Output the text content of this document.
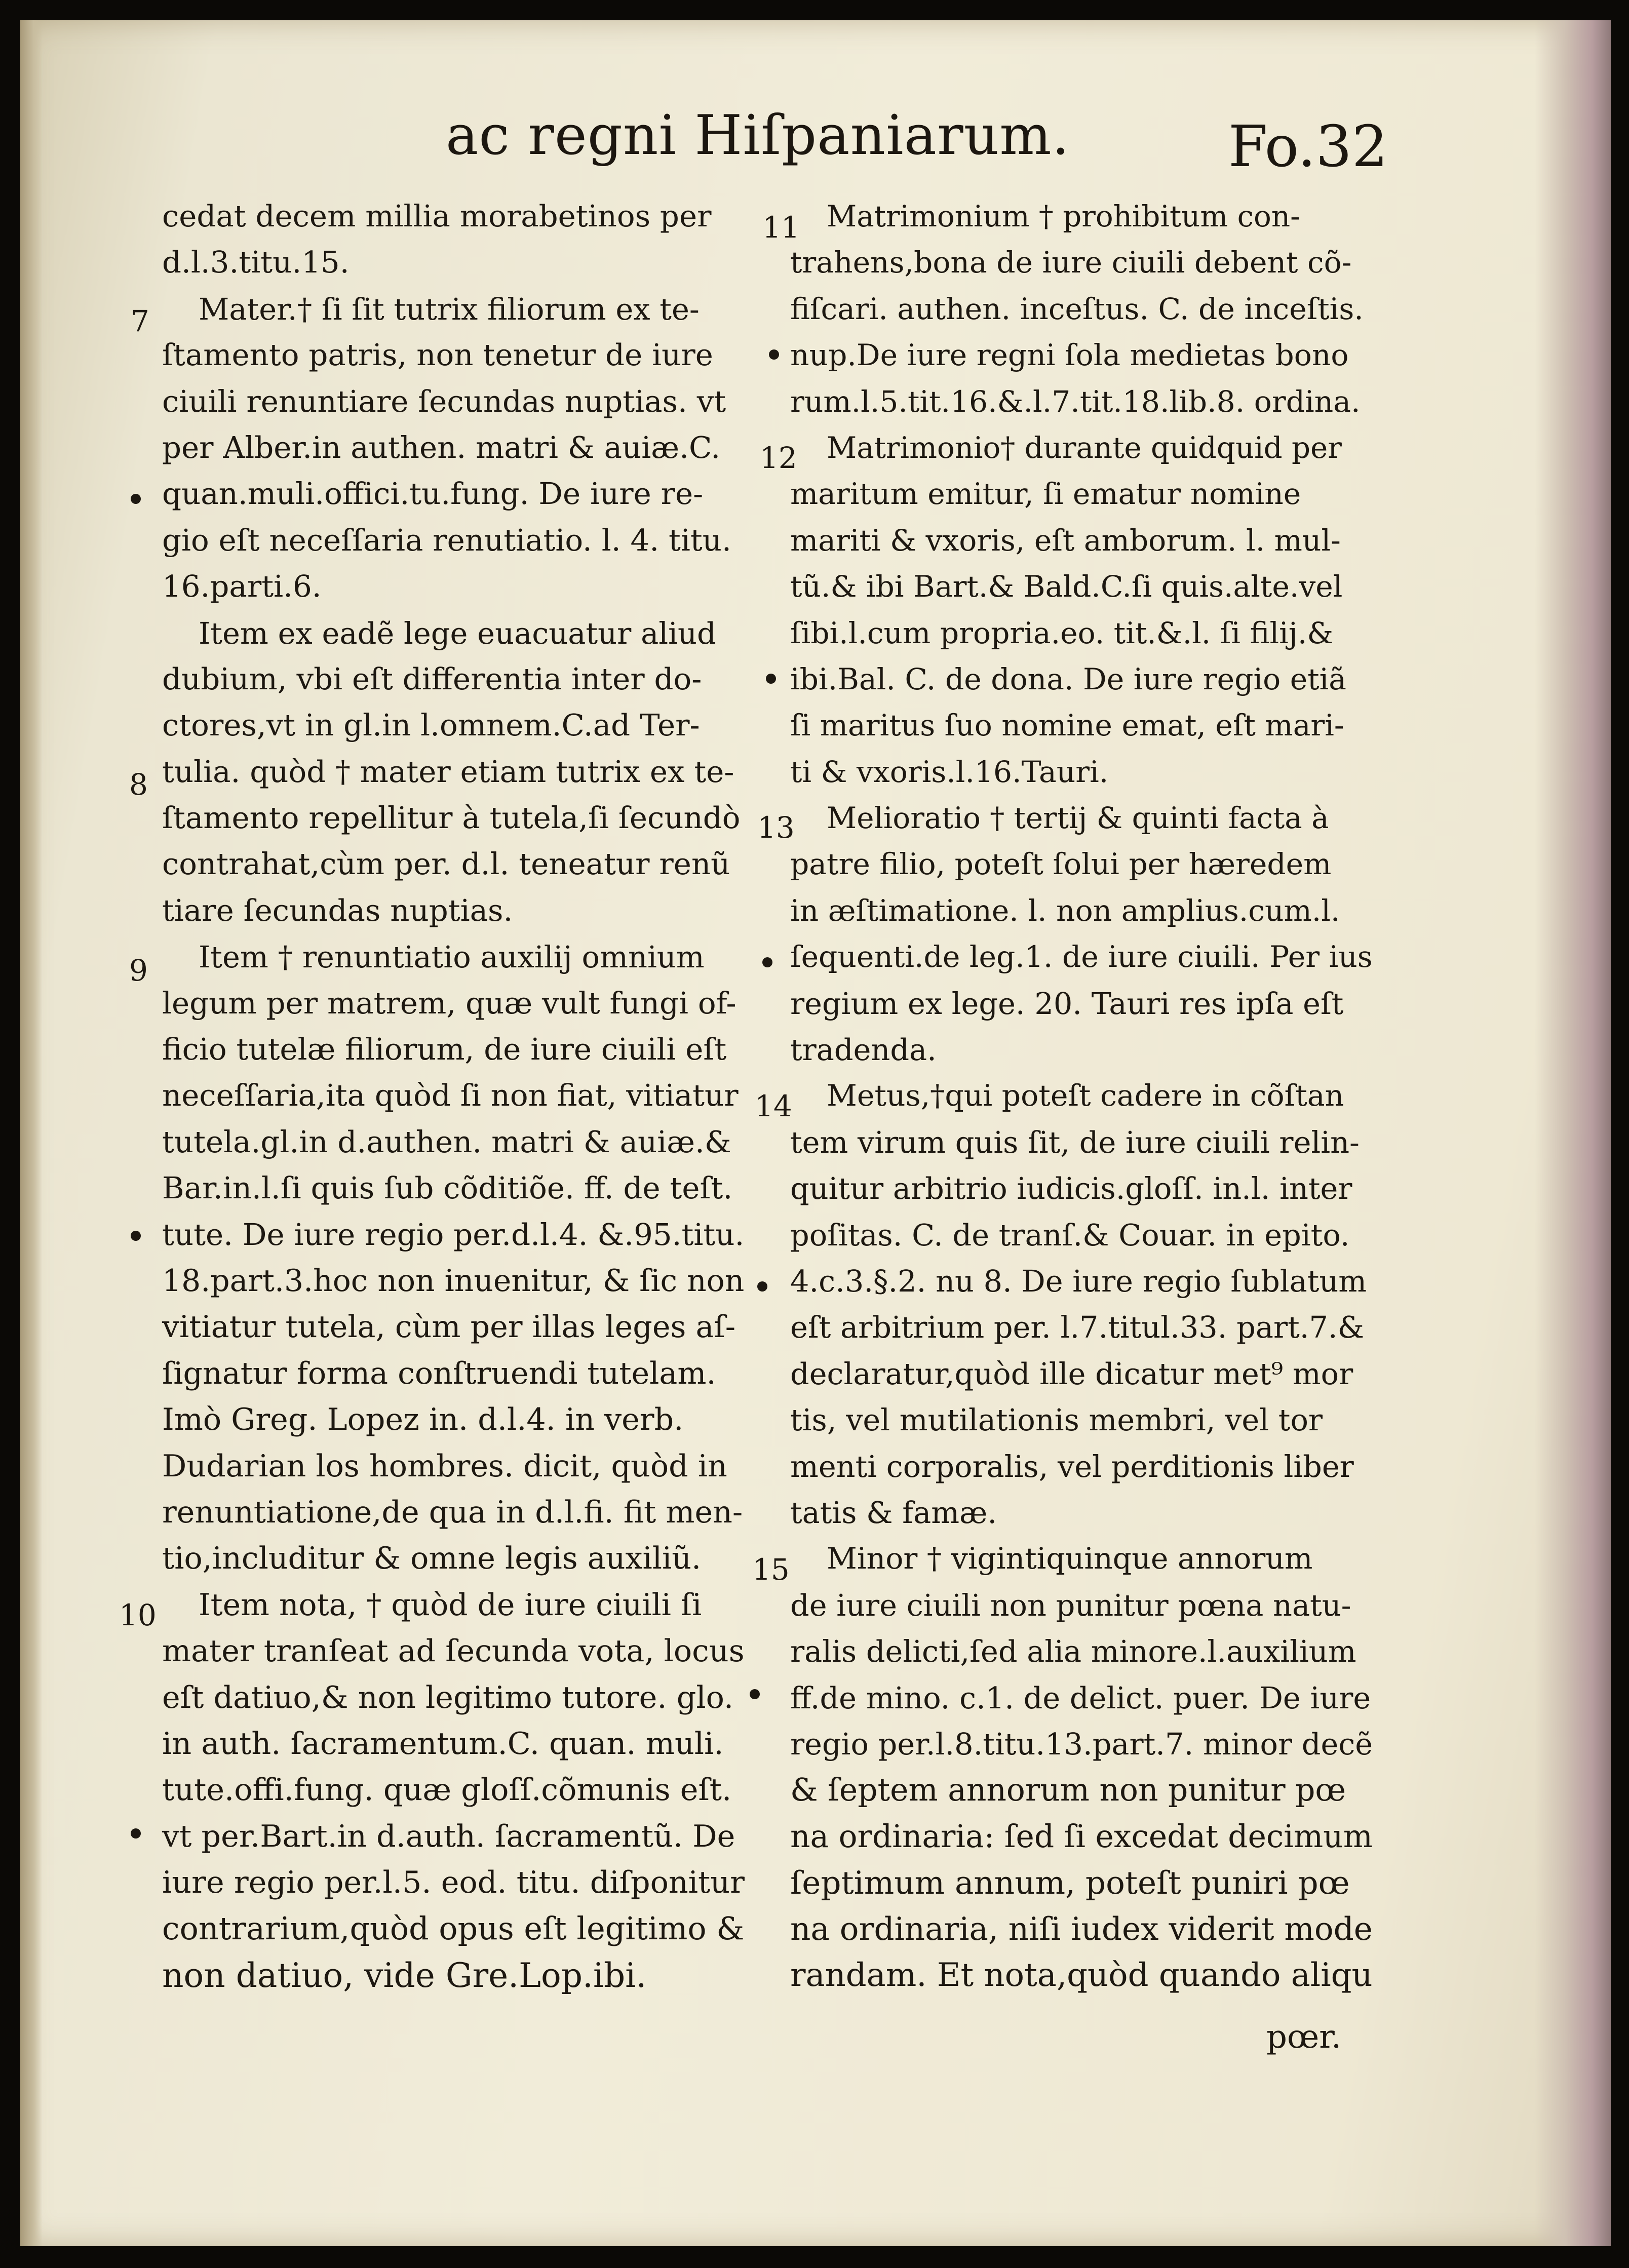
ac regni Hiſpaniarum.	Fo.32
cedat decem millia morabetinos per
d.l.3.titu.15.
Mater.† ſi ſit tutrix filiorum ex te-
ſtamento patris, non tenetur de iure
ciuili renuntiare ſecundas nuptias. vt
per Alber.in authen. matri & auiæ.C.
quan.muli.offici.tu.fung. De iure re-
gio eſt neceſſaria renutiatio. l. 4. titu.
16.parti.6.
Item ex eadẽ lege euacuatur aliud
dubium, vbi eſt differentia inter do-
ctores,vt in gl.in l.omnem.C.ad Ter-
tulia. quòd † mater etiam tutrix ex te-
ſtamento repellitur à tutela,ſi ſecundò
contrahat,cùm per. d.l. teneatur renũ
tiare ſecundas nuptias.
Item † renuntiatio auxilij omnium
legum per matrem, quæ vult fungi of-
ficio tutelæ filiorum, de iure ciuili eſt
neceſſaria,ita quòd ſi non fiat, vitiatur
tutela.gl.in d.authen. matri & auiæ.&
Bar.in.l.ſi quis ſub cõditiõe. ff. de teſt.
tute. De iure regio per.d.l.4. &.95.titu.
18.part.3.hoc non inuenitur, & ſic non
vitiatur tutela, cùm per illas leges aſ-
ſignatur forma conſtruendi tutelam.
Imò Greg. Lopez in. d.l.4. in verb.
Dudarian los hombres. dicit, quòd in
renuntiatione,de qua in d.l.fi. fit men-
tio,includitur & omne legis auxiliũ.
Item nota, † quòd de iure ciuili ſi
mater tranſeat ad ſecunda vota, locus
eſt datiuo,& non legitimo tutore. glo.
in auth. ſacramentum.C. quan. muli.
tute.offi.fung. quæ gloſſ.cõmunis eſt.
vt per.Bart.in d.auth. ſacramentũ. De
iure regio per.l.5. eod. titu. diſponitur
contrarium,quòd opus eſt legitimo &
non datiuo, vide Gre.Lop.ibi.
Matrimonium † prohibitum con-
trahens,bona de iure ciuili debent cõ-
fiſcari. authen. inceſtus. C. de inceſtis.
nup.De iure regni ſola medietas bono
rum.l.5.tit.16.&.l.7.tit.18.lib.8. ordina.
Matrimonio† durante quidquid per
maritum emitur, ſi ematur nomine
mariti & vxoris, eſt amborum. l. mul-
tũ.& ibi Bart.& Bald.C.ſi quis.alte.vel
ſibi.l.cum propria.eo. tit.&.l. ſi filij.&
ibi.Bal. C. de dona. De iure regio etiã
ſi maritus ſuo nomine emat, eſt mari-
ti & vxoris.l.16.Tauri.
Melioratio † tertij & quinti facta à
patre filio, poteſt ſolui per hæredem
in æſtimatione. l. non amplius.cum.l.
ſequenti.de leg.1. de iure ciuili. Per ius
regium ex lege. 20. Tauri res ipſa eſt
tradenda.
Metus,†qui poteſt cadere in cõſtan
tem virum quis ſit, de iure ciuili relin-
quitur arbitrio iudicis.gloſſ. in.l. inter
poſitas. C. de tranſ.& Couar. in epito.
4.c.3.§.2. nu 8. De iure regio ſublatum
eſt arbitrium per. l.7.titul.33. part.7.&
declaratur,quòd ille dicatur met⁹ mor
tis, vel mutilationis membri, vel tor
menti corporalis, vel perditionis liber
tatis & famæ.
Minor † vigintiquinque annorum
de iure ciuili non punitur pœna natu-
ralis delicti,ſed alia minore.l.auxilium
ff.de mino. c.1. de delict. puer. De iure
regio per.l.8.titu.13.part.7. minor decẽ
& ſeptem annorum non punitur pœ
na ordinaria: ſed ſi excedat decimum
ſeptimum annum, poteſt puniri pœ
na ordinaria, niſi iudex viderit mode
randam. Et nota,quòd quando aliqu
7
8
9
10
11
12
13
14
15
pœr.
